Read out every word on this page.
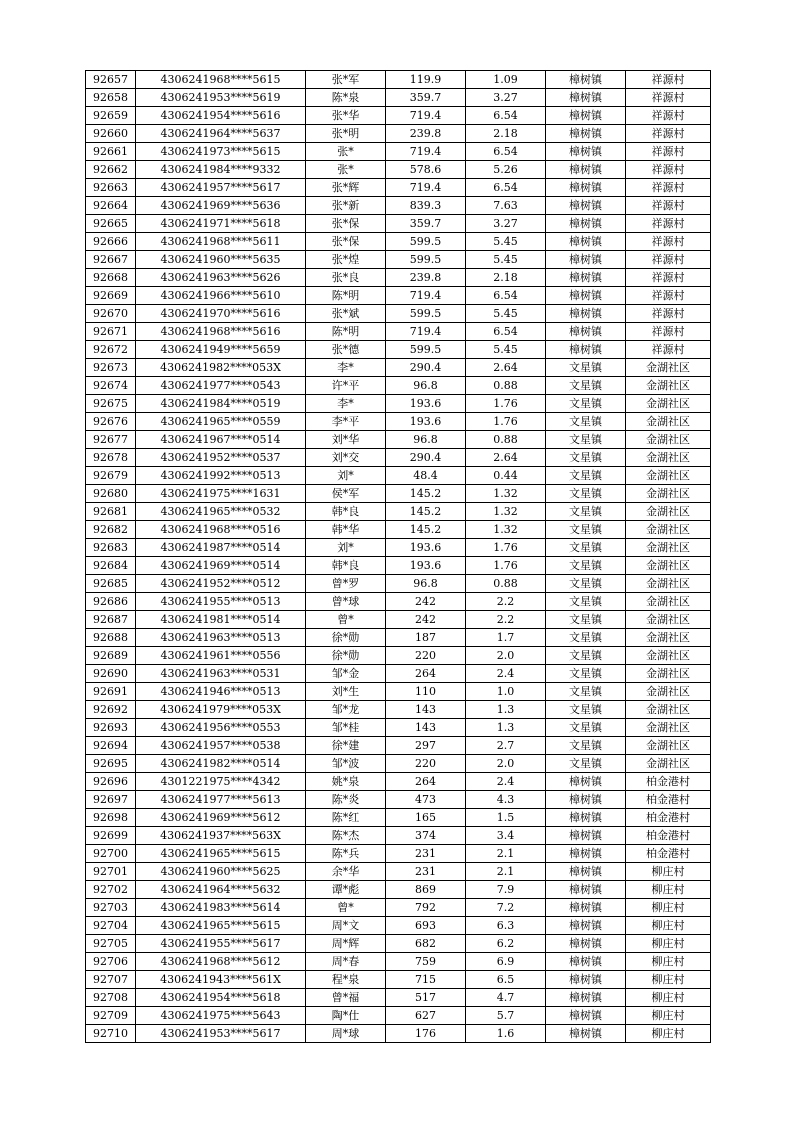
92657	4306241968****5615	张*军	119.9	1.09	樟树镇	祥源村
92658	4306241953****5619	陈*泉	359.7	3.27	樟树镇	祥源村
92659	4306241954****5616	张*华	719.4	6.54	樟树镇	祥源村
92660	4306241964****5637	张*明	239.8	2.18	樟树镇	祥源村
92661	4306241973****5615	张*	719.4	6.54	樟树镇	祥源村
92662	4306241984****9332	张*	578.6	5.26	樟树镇	祥源村
92663	4306241957****5617	张*辉	719.4	6.54	樟树镇	祥源村
92664	4306241969****5636	张*新	839.3	7.63	樟树镇	祥源村
92665	4306241971****5618	张*保	359.7	3.27	樟树镇	祥源村
92666	4306241968****5611	张*保	599.5	5.45	樟树镇	祥源村
92667	4306241960****5635	张*煌	599.5	5.45	樟树镇	祥源村
92668	4306241963****5626	张*良	239.8	2.18	樟树镇	祥源村
92669	4306241966****5610	陈*明	719.4	6.54	樟树镇	祥源村
92670	4306241970****5616	张*斌	599.5	5.45	樟树镇	祥源村
92671	4306241968****5616	陈*明	719.4	6.54	樟树镇	祥源村
92672	4306241949****5659	张*德	599.5	5.45	樟树镇	祥源村
92673	4306241982****053X	李*	290.4	2.64	文星镇	金湖社区
92674	4306241977****0543	许*平	96.8	0.88	文星镇	金湖社区
92675	4306241984****0519	李*	193.6	1.76	文星镇	金湖社区
92676	4306241965****0559	李*平	193.6	1.76	文星镇	金湖社区
92677	4306241967****0514	刘*华	96.8	0.88	文星镇	金湖社区
92678	4306241952****0537	刘*交	290.4	2.64	文星镇	金湖社区
92679	4306241992****0513	刘*	48.4	0.44	文星镇	金湖社区
92680	4306241975****1631	侯*军	145.2	1.32	文星镇	金湖社区
92681	4306241965****0532	韩*良	145.2	1.32	文星镇	金湖社区
92682	4306241968****0516	韩*华	145.2	1.32	文星镇	金湖社区
92683	4306241987****0514	刘*	193.6	1.76	文星镇	金湖社区
92684	4306241969****0514	韩*良	193.6	1.76	文星镇	金湖社区
92685	4306241952****0512	曾*罗	96.8	0.88	文星镇	金湖社区
92686	4306241955****0513	曾*球	242	2.2	文星镇	金湖社区
92687	4306241981****0514	曾*	242	2.2	文星镇	金湖社区
92688	4306241963****0513	徐*勋	187	1.7	文星镇	金湖社区
92689	4306241961****0556	徐*勋	220	2.0	文星镇	金湖社区
92690	4306241963****0531	邹*金	264	2.4	文星镇	金湖社区
92691	4306241946****0513	刘*生	110	1.0	文星镇	金湖社区
92692	4306241979****053X	邹*龙	143	1.3	文星镇	金湖社区
92693	4306241956****0553	邹*桂	143	1.3	文星镇	金湖社区
92694	4306241957****0538	徐*建	297	2.7	文星镇	金湖社区
92695	4306241982****0514	邹*波	220	2.0	文星镇	金湖社区
92696	4301221975****4342	姚*泉	264	2.4	樟树镇	柏金港村
92697	4306241977****5613	陈*炎	473	4.3	樟树镇	柏金港村
92698	4306241969****5612	陈*红	165	1.5	樟树镇	柏金港村
92699	4306241937****563X	陈*杰	374	3.4	樟树镇	柏金港村
92700	4306241965****5615	陈*兵	231	2.1	樟树镇	柏金港村
92701	4306241960****5625	余*华	231	2.1	樟树镇	柳庄村
92702	4306241964****5632	谭*彪	869	7.9	樟树镇	柳庄村
92703	4306241983****5614	曾*	792	7.2	樟树镇	柳庄村
92704	4306241965****5615	周*文	693	6.3	樟树镇	柳庄村
92705	4306241955****5617	周*辉	682	6.2	樟树镇	柳庄村
92706	4306241968****5612	周*春	759	6.9	樟树镇	柳庄村
92707	4306241943****561X	程*泉	715	6.5	樟树镇	柳庄村
92708	4306241954****5618	曾*福	517	4.7	樟树镇	柳庄村
92709	4306241975****5643	陶*仕	627	5.7	樟树镇	柳庄村
92710	4306241953****5617	周*球	176	1.6	樟树镇	柳庄村
